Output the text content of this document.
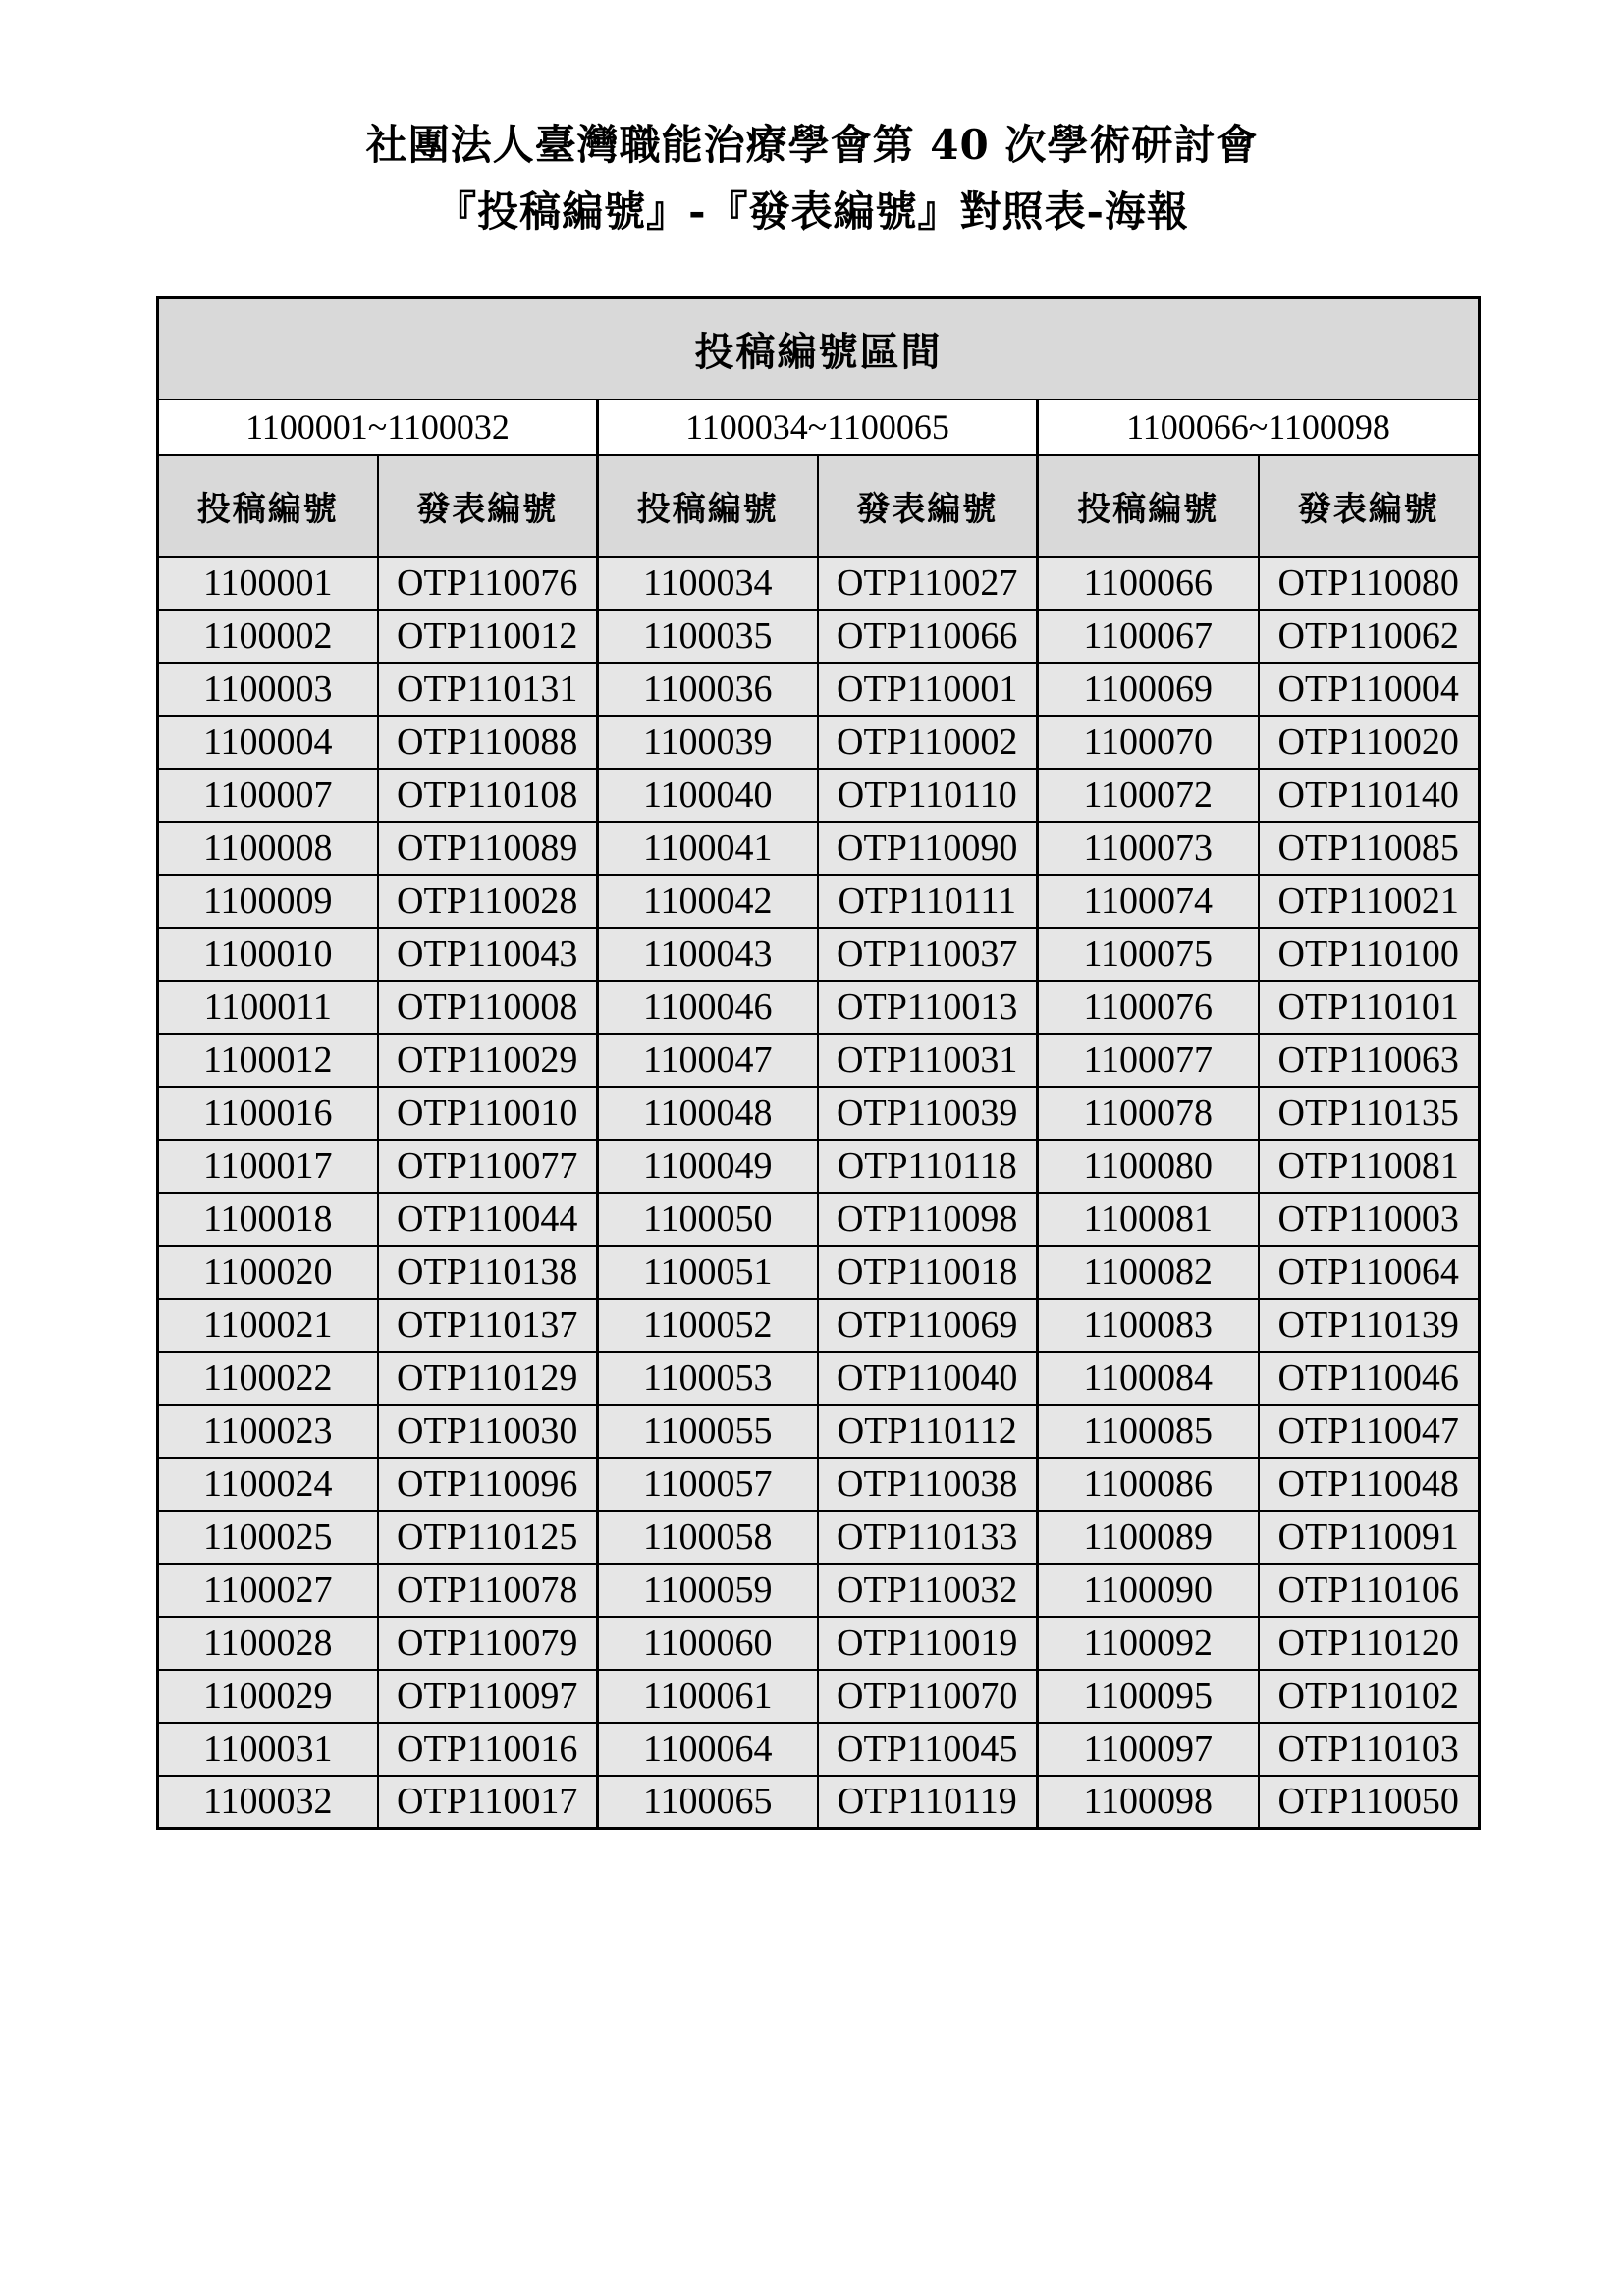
社團法人臺灣職能治療學會第 40 次學術研討會
『投稿編號』-『發表編號』對照表-海報
投稿編號區間					
1100001~1100032		1100034~1100065		1100066~1100098	
投稿編號	發表編號	投稿編號	發表編號	投稿編號	發表編號
1100001	OTP110076	1100034	OTP110027	1100066	OTP110080
1100002	OTP110012	1100035	OTP110066	1100067	OTP110062
1100003	OTP110131	1100036	OTP110001	1100069	OTP110004
1100004	OTP110088	1100039	OTP110002	1100070	OTP110020
1100007	OTP110108	1100040	OTP110110	1100072	OTP110140
1100008	OTP110089	1100041	OTP110090	1100073	OTP110085
1100009	OTP110028	1100042	OTP110111	1100074	OTP110021
1100010	OTP110043	1100043	OTP110037	1100075	OTP110100
1100011	OTP110008	1100046	OTP110013	1100076	OTP110101
1100012	OTP110029	1100047	OTP110031	1100077	OTP110063
1100016	OTP110010	1100048	OTP110039	1100078	OTP110135
1100017	OTP110077	1100049	OTP110118	1100080	OTP110081
1100018	OTP110044	1100050	OTP110098	1100081	OTP110003
1100020	OTP110138	1100051	OTP110018	1100082	OTP110064
1100021	OTP110137	1100052	OTP110069	1100083	OTP110139
1100022	OTP110129	1100053	OTP110040	1100084	OTP110046
1100023	OTP110030	1100055	OTP110112	1100085	OTP110047
1100024	OTP110096	1100057	OTP110038	1100086	OTP110048
1100025	OTP110125	1100058	OTP110133	1100089	OTP110091
1100027	OTP110078	1100059	OTP110032	1100090	OTP110106
1100028	OTP110079	1100060	OTP110019	1100092	OTP110120
1100029	OTP110097	1100061	OTP110070	1100095	OTP110102
1100031	OTP110016	1100064	OTP110045	1100097	OTP110103
1100032	OTP110017	1100065	OTP110119	1100098	OTP110050
